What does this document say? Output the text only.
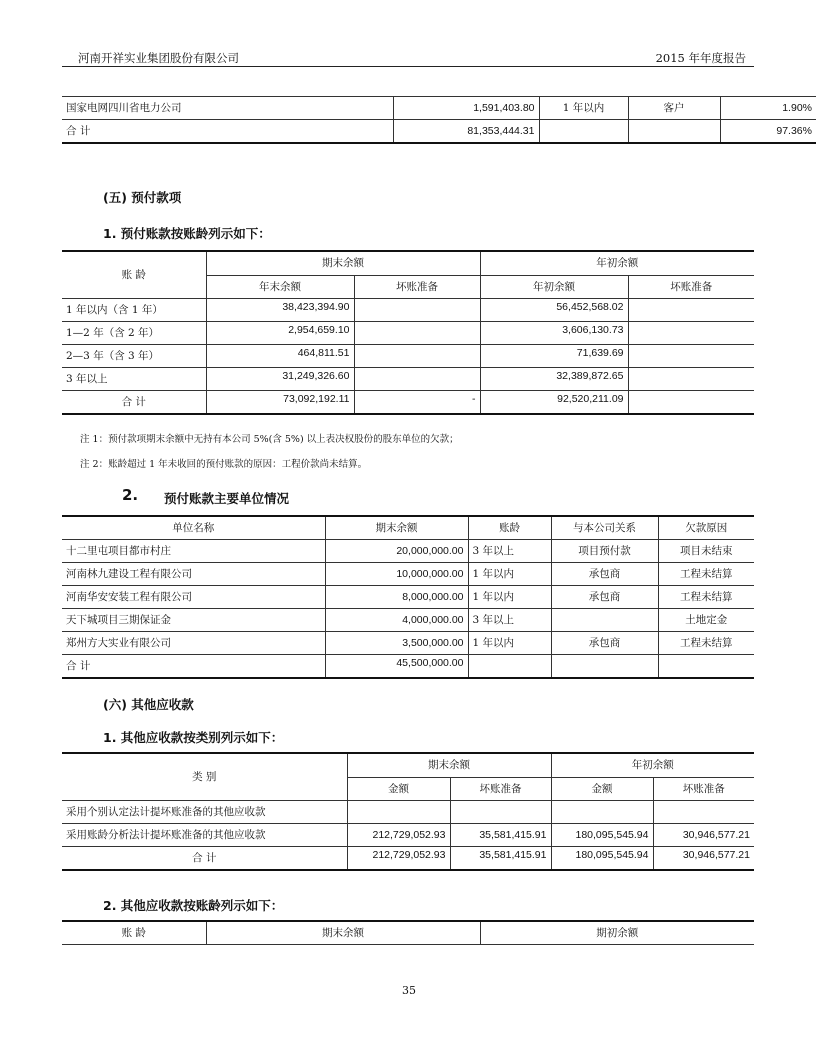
河南开祥实业集团股份有限公司	2015 年年度报告
国家电网四川省电力公司	1,591,403.80	1 年以内	客户	1.90%
合 计	81,353,444.31			97.36%
(五) 预付款项
1. 预付账款按账龄列示如下：
账 龄	期末余额		年初余额	
	年末余额	坏账准备	年初余额	坏账准备
1 年以内（含 1 年）	38,423,394.90		56,452,568.02	
1—2 年（含 2 年）	2,954,659.10		3,606,130.73	
2—3 年（含 3 年）	464,811.51		71,639.69	
3 年以上	31,249,326.60		32,389,872.65	
合 计	73,092,192.11	-	92,520,211.09	
注 1：预付款项期末余额中无持有本公司 5%(含 5%) 以上表决权股份的股东单位的欠款；
注 2：账龄超过 1 年未收回的预付账款的原因：工程价款尚未结算。
2. 预付账款主要单位情况
单位名称	期末余额	账龄	与本公司关系	欠款原因
十二里屯项目都市村庄	20,000,000.00	3 年以上	项目预付款	项目未结束
河南林九建设工程有限公司	10,000,000.00	1 年以内	承包商	工程未结算
河南华安安装工程有限公司	8,000,000.00	1 年以内	承包商	工程未结算
天下城项目三期保证金	4,000,000.00	3 年以上		土地定金
郑州方大实业有限公司	3,500,000.00	1 年以内	承包商	工程未结算
合 计	45,500,000.00			
(六) 其他应收款
1. 其他应收款按类别列示如下：
类 别	期末余额		年初余额	
	金额	坏账准备	金额	坏账准备
采用个别认定法计提坏账准备的其他应收款				
采用账龄分析法计提坏账准备的其他应收款	212,729,052.93	35,581,415.91	180,095,545.94	30,946,577.21
合 计	212,729,052.93	35,581,415.91	180,095,545.94	30,946,577.21
2. 其他应收款按账龄列示如下：
账 龄	期末余额	期初余额
35
